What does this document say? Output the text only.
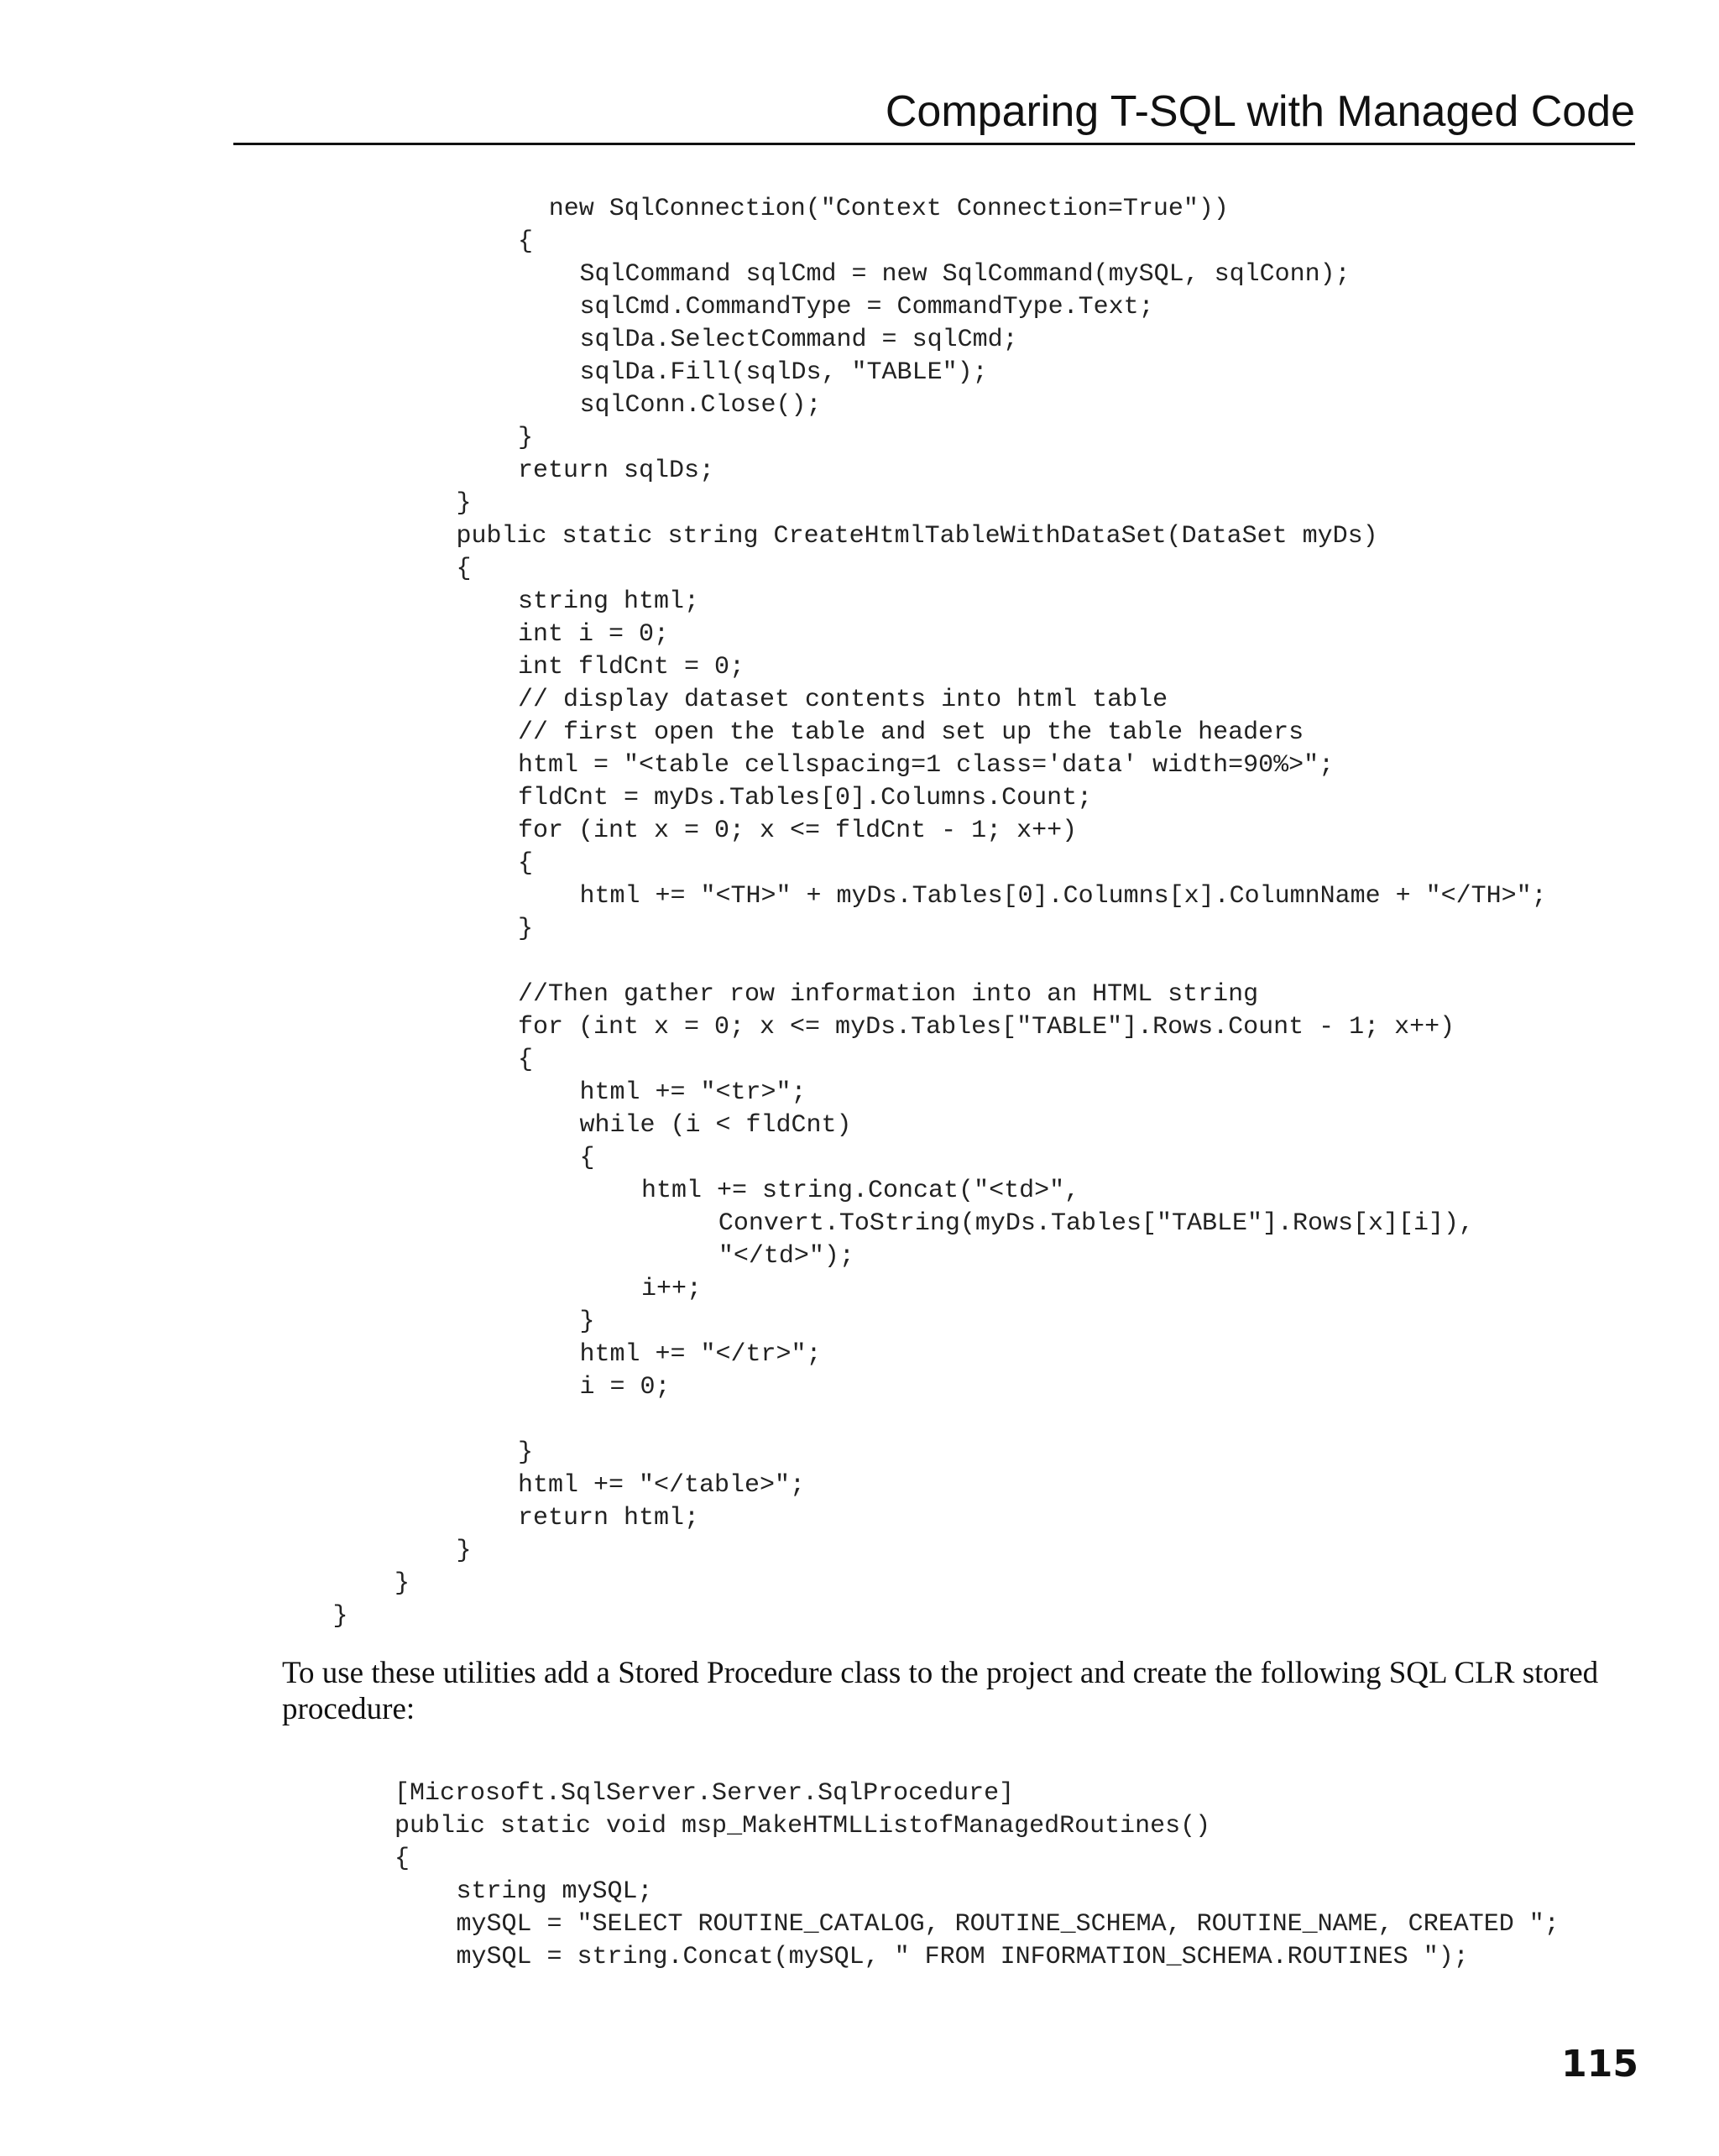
Comparing T-SQL with Managed Code
new SqlConnection("Context Connection=True"))
{
SqlCommand sqlCmd = new SqlCommand(mySQL, sqlConn);
sqlCmd.CommandType = CommandType.Text;
sqlDa.SelectCommand = sqlCmd;
sqlDa.Fill(sqlDs, "TABLE");
sqlConn.Close();
}
return sqlDs;
}
public static string CreateHtmlTableWithDataSet(DataSet myDs)
{
string html;
int i = 0;
int fldCnt = 0;
// display dataset contents into html table
// first open the table and set up the table headers
html = "<table cellspacing=1 class='data' width=90%>";
fldCnt = myDs.Tables[0].Columns.Count;
for (int x = 0; x <= fldCnt - 1; x++)
{
html += "<TH>" + myDs.Tables[0].Columns[x].ColumnName + "</TH>";
}
//Then gather row information into an HTML string
for (int x = 0; x <= myDs.Tables["TABLE"].Rows.Count - 1; x++)
{
html += "<tr>";
while (i < fldCnt)
{
html += string.Concat("<td>",
Convert.ToString(myDs.Tables["TABLE"].Rows[x][i]),
"</td>");
i++;
}
html += "</tr>";
i = 0;
}
html += "</table>";
return html;
}
}
}
To use these utilities add a Stored Procedure class to the project and create the following SQL CLR stored procedure:
[Microsoft.SqlServer.Server.SqlProcedure]
public static void msp_MakeHTMLListofManagedRoutines()
{
string mySQL;
mySQL = "SELECT ROUTINE_CATALOG, ROUTINE_SCHEMA, ROUTINE_NAME, CREATED ";
mySQL = string.Concat(mySQL, " FROM INFORMATION_SCHEMA.ROUTINES ");
115
